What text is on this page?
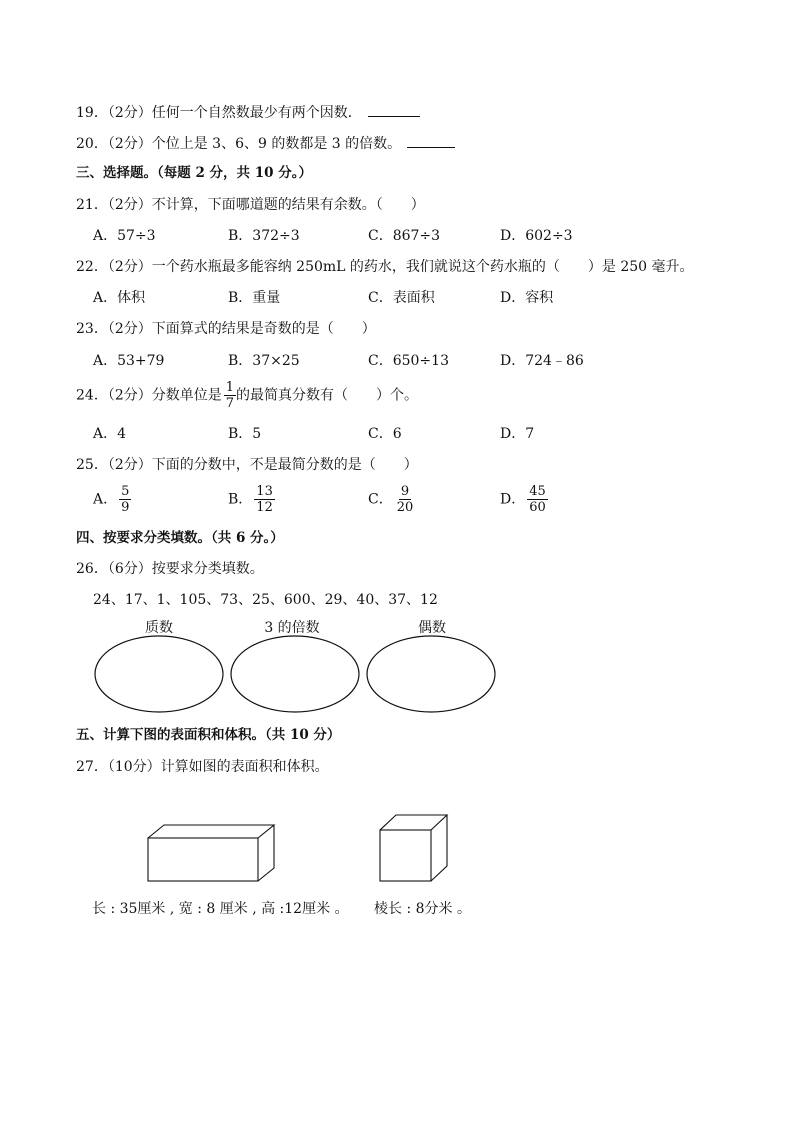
19．（2分）任何一个自然数最少有两个因数．
20．（2分）个位上是 3、6、9 的数都是 3 的倍数。
三、选择题。（每题 2 分，共 10 分。）
21．（2分）不计算，下面哪道题的结果有余数。（　　）
A．57÷3	B．372÷3	C．867÷3	D．602÷3
22．（2分）一个药水瓶最多能容纳 250mL 的药水，我们就说这个药水瓶的（　　）是 250 毫升。
A．体积	B．重量	C．表面积	D．容积
23．（2分）下面算式的结果是奇数的是（　　）
A．53+79	B．37×25	C．650÷13	D．724﹣86
24．（2分）分数单位是 $\frac{1}{7}$ 的最简真分数有（　　）个。
A．4	B．5	C．6	D．7
25．（2分）下面的分数中，不是最简分数的是（　　）
A． $\frac{5}{9}$	B． $\frac{13}{12}$	C． $\frac{9}{20}$	D． $\frac{45}{60}$
四、按要求分类填数。（共 6 分。）
26．（6分）按要求分类填数。
24、17、1、105、73、25、600、29、40、37、12
质数	3 的倍数	偶数
五、计算下图的表面积和体积。（共 10 分）
27．（10分）计算如图的表面积和体积。
长 : 35厘米 , 宽 : 8 厘米 , 高 :12厘米 。 棱长 : 8分米 。
